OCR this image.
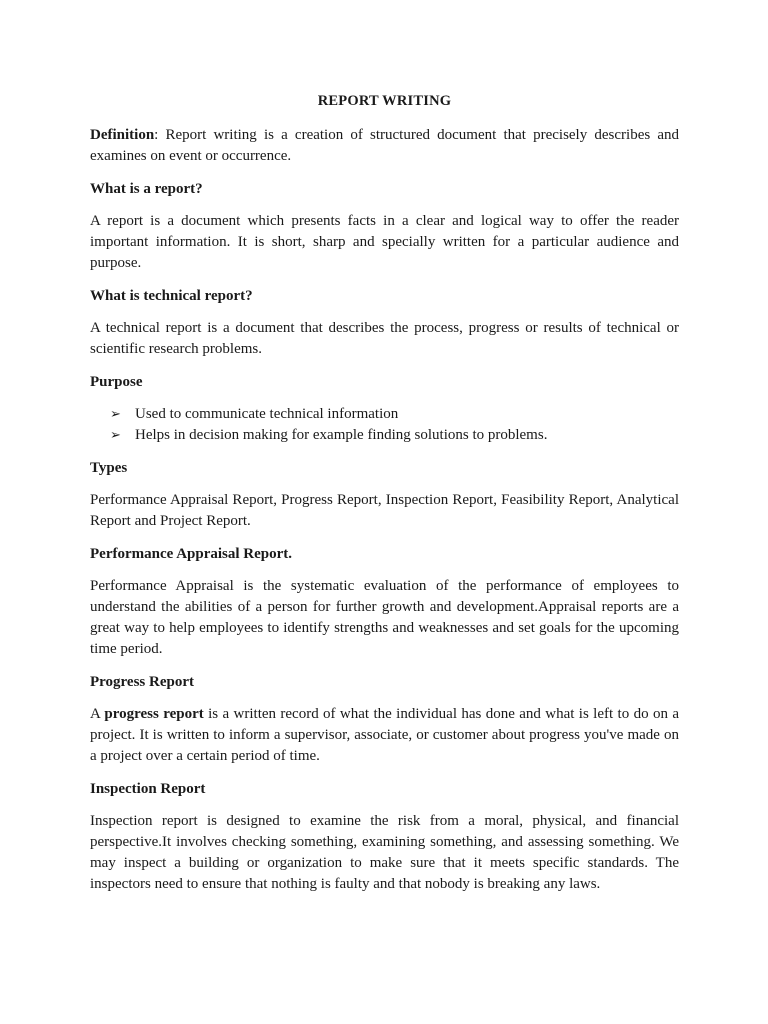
REPORT WRITING

Definition: Report writing is a creation of structured document that precisely describes and examines on event or occurrence.

What is a report?

A report is a document which presents facts in a clear and logical way to offer the reader important information. It is short, sharp and specially written for a particular audience and purpose.

What is technical report?

A technical report is a document that describes the process, progress or results of technical or scientific research problems.

Purpose

➢ Used to communicate technical information
➢ Helps in decision making for example finding solutions to problems.

Types

Performance Appraisal Report, Progress Report, Inspection Report, Feasibility Report, Analytical Report and Project Report.

Performance Appraisal Report.

Performance Appraisal is the systematic evaluation of the performance of employees to understand the abilities of a person for further growth and development.Appraisal reports are a great way to help employees to identify strengths and weaknesses and set goals for the upcoming time period.

Progress Report

A progress report is a written record of what the individual has done and what is left to do on a project. It is written to inform a supervisor, associate, or customer about progress you've made on a project over a certain period of time.

Inspection Report

Inspection report is designed to examine the risk from a moral, physical, and financial perspective.It involves checking something, examining something, and assessing something. We may inspect a building or organization to make sure that it meets specific standards. The inspectors need to ensure that nothing is faulty and that nobody is breaking any laws.
